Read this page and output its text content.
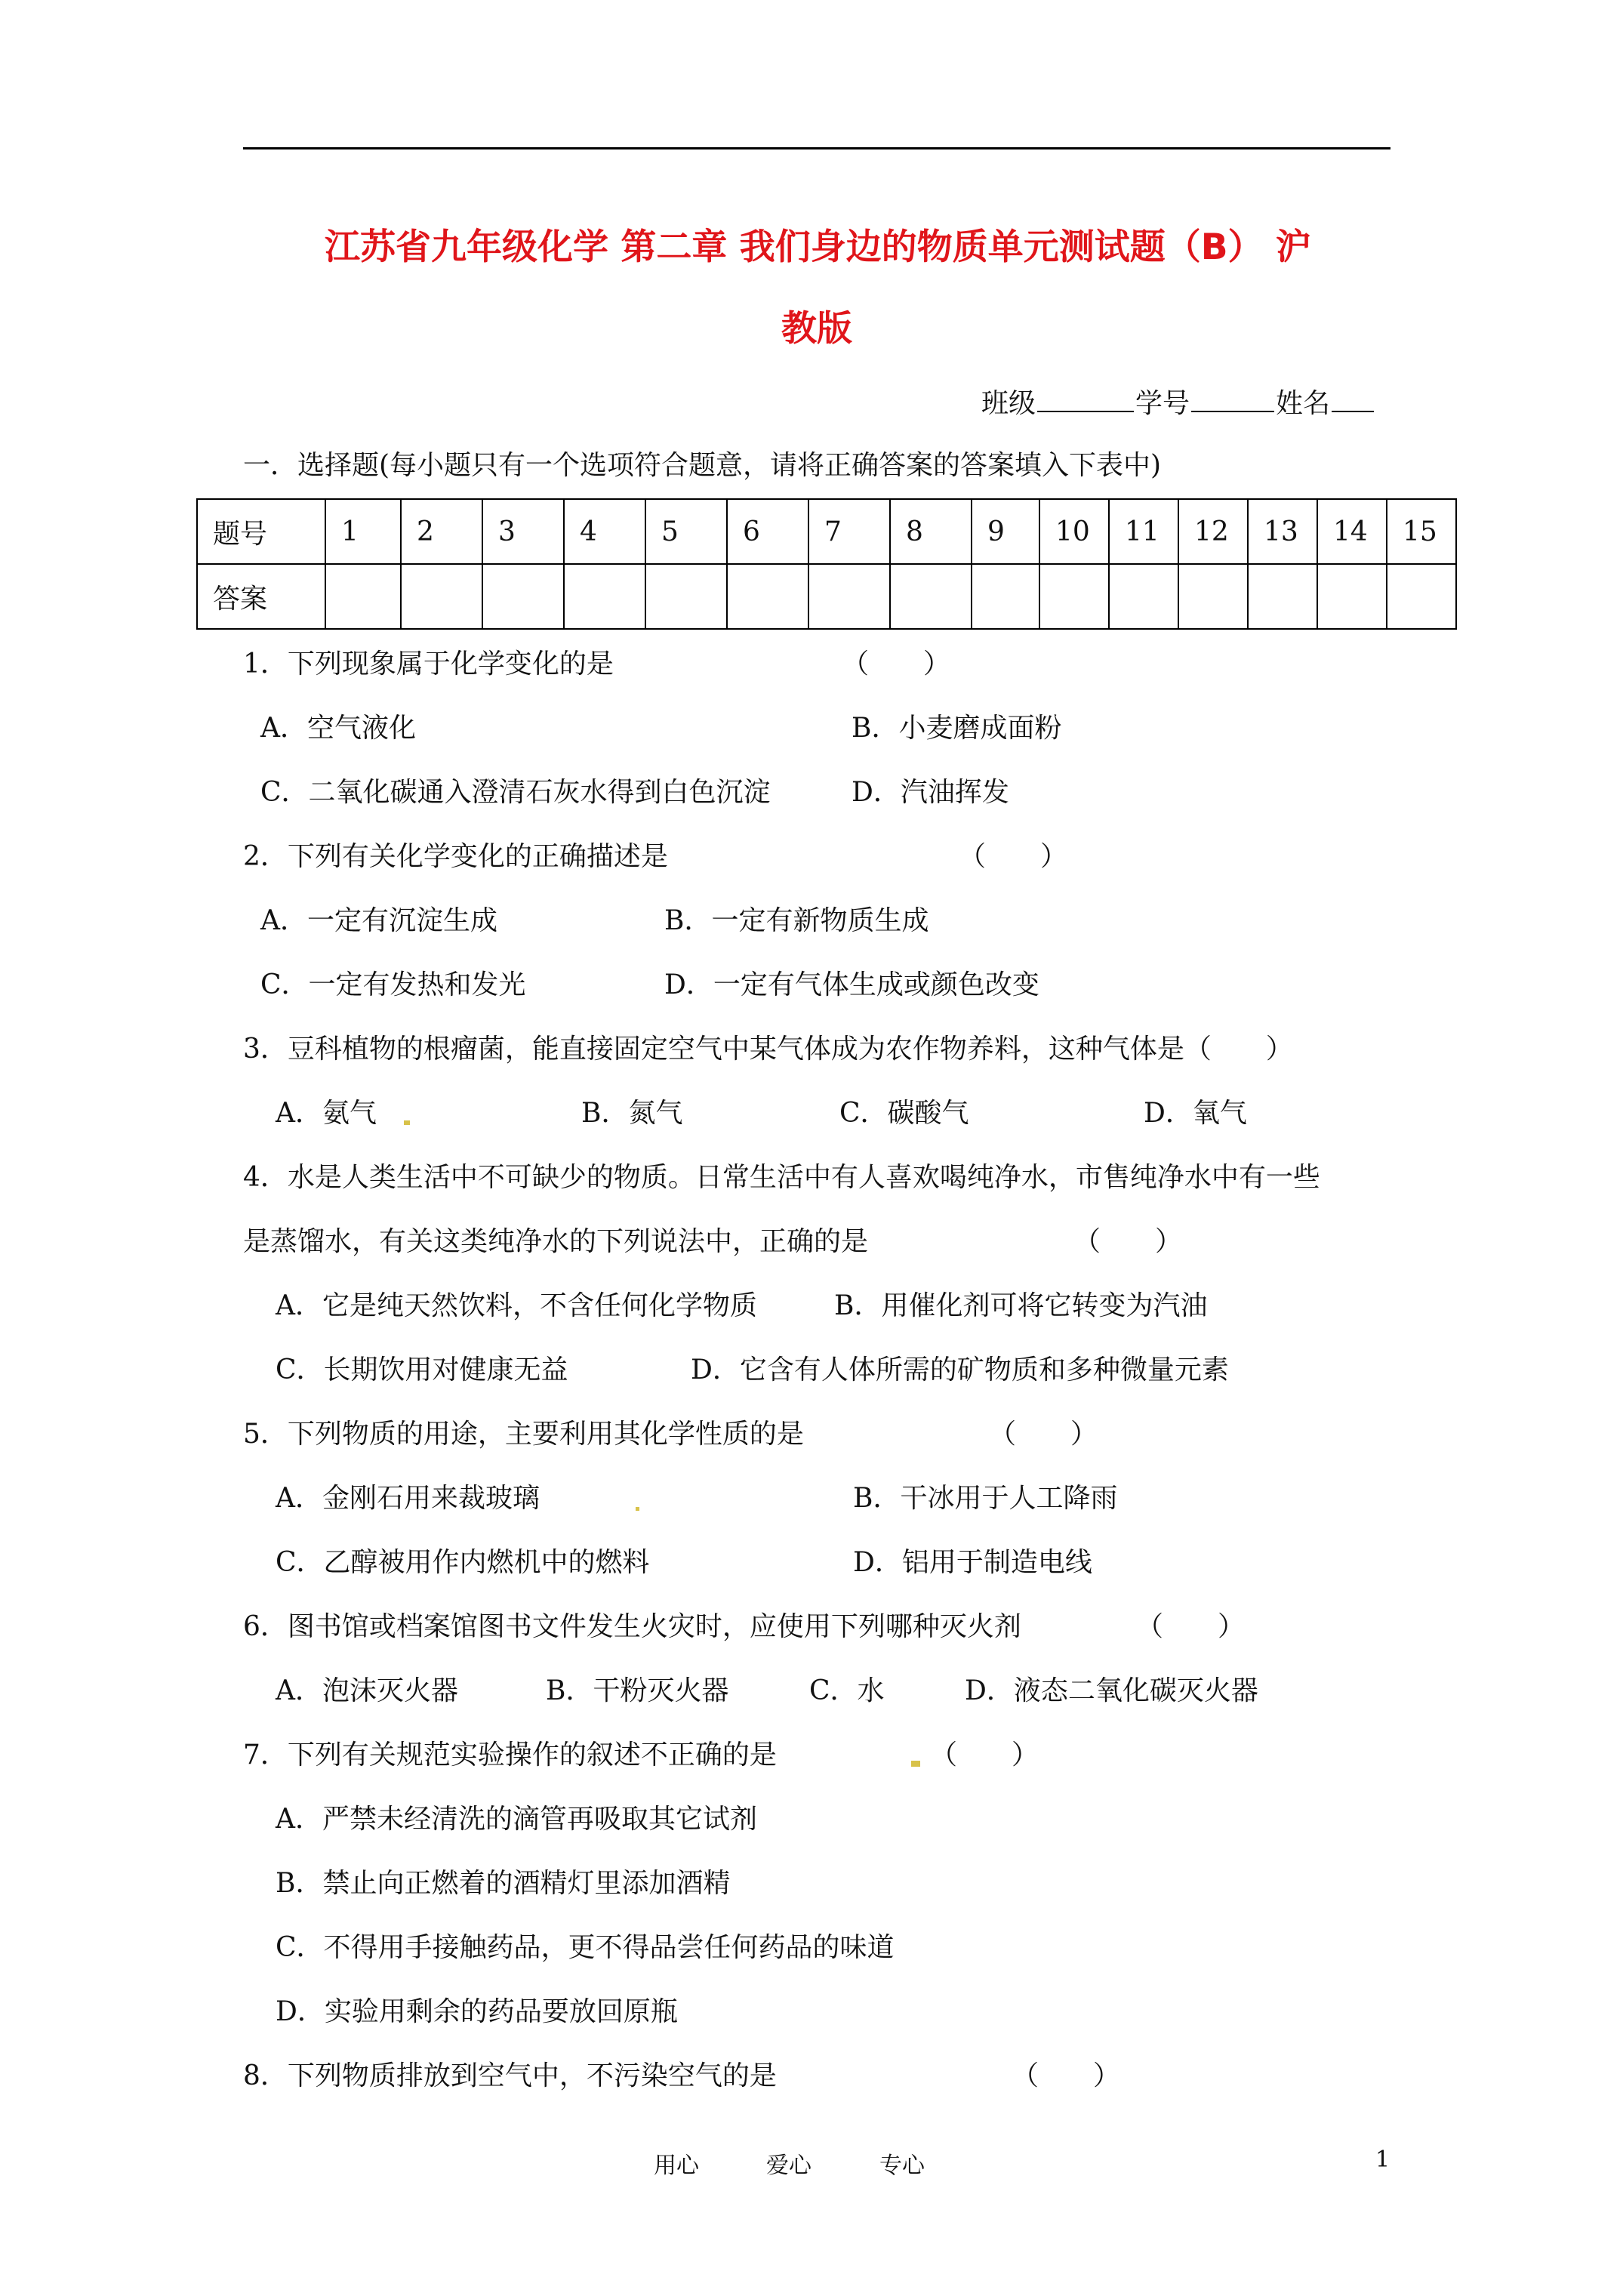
江苏省九年级化学 第二章 我们身边的物质单元测试题（B） 沪
教版
班级	学号	姓名
一．选择题(每小题只有一个选项符合题意，请将正确答案的答案填入下表中)
题号	1	2	3	4	5	6	7	8	9	10	11	12	13	14	15
答案															
1．下列现象属于化学变化的是	（　　）
A．空气液化	B．小麦磨成面粉
C．二氧化碳通入澄清石灰水得到白色沉淀	D．汽油挥发
2．下列有关化学变化的正确描述是	（　　）
A．一定有沉淀生成	B．一定有新物质生成
C．一定有发热和发光	D．一定有气体生成或颜色改变
3．豆科植物的根瘤菌，能直接固定空气中某气体成为农作物养料，这种气体是（　　）
A．氨气	B．氮气	C．碳酸气	D．氧气
4．水是人类生活中不可缺少的物质。日常生活中有人喜欢喝纯净水，市售纯净水中有一些
是蒸馏水，有关这类纯净水的下列说法中，正确的是	（　　）
A．它是纯天然饮料，不含任何化学物质	B．用催化剂可将它转变为汽油
C．长期饮用对健康无益	D．它含有人体所需的矿物质和多种微量元素
5．下列物质的用途，主要利用其化学性质的是	（　　）
A．金刚石用来裁玻璃	B．干冰用于人工降雨
C．乙醇被用作内燃机中的燃料	D．铝用于制造电线
6．图书馆或档案馆图书文件发生火灾时，应使用下列哪种灭火剂	（　　）
A．泡沫灭火器	B．干粉灭火器	C．水	D．液态二氧化碳灭火器
7．下列有关规范实验操作的叙述不正确的是	（　　）
A．严禁未经清洗的滴管再吸取其它试剂
B．禁止向正燃着的酒精灯里添加酒精
C．不得用手接触药品，更不得品尝任何药品的味道
D．实验用剩余的药品要放回原瓶
8．下列物质排放到空气中，不污染空气的是	（　　）
用心	爱心	专心	1
